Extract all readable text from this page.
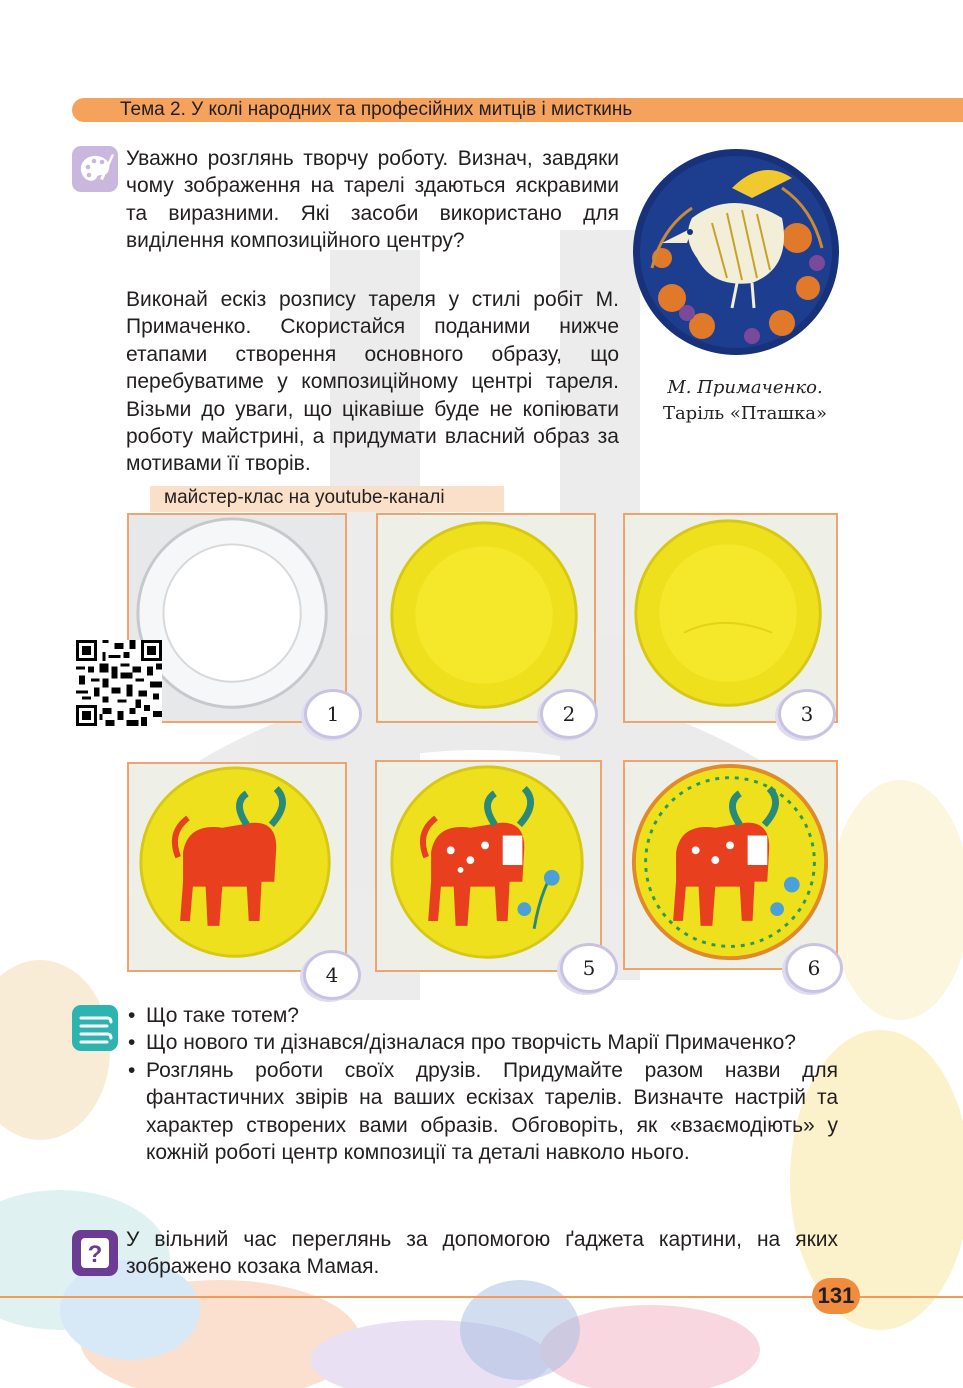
Тема 2. У колі народних та професійних митців і мисткинь

Уважно розглянь творчу роботу. Визнач, завдяки чому зображення на тарелі здаються яскравими та виразними. Які засоби використано для виділення композиційного центру?

Виконай ескіз розпису тареля у стилі робіт М. Примаченко. Скористайся поданими нижче етапами створення основного образу, що перебуватиме у композиційному центрі тареля. Візьми до уваги, що цікавіше буде не копіювати роботу майстрині, а придумати власний образ за мотивами її творів.

М. Примаченко.
Таріль «Пташка»
майстер-клас на youtube-каналі
1	2	3
4	5	6
• Що таке тотем?
• Що нового ти дізнався/дізналася про творчість Марії Примаченко?
• Розглянь роботи своїх друзів. Придумайте разом назви для фантастичних звірів на ваших ескізах тарелів. Визначте настрій та характер створених вами образів. Обговоріть, як «взаємодіють» у кожній роботі центр композиції та деталі навколо нього.
?

У вільний час переглянь за допомогою ґаджета картини, на яких зображено козака Мамая.

131
